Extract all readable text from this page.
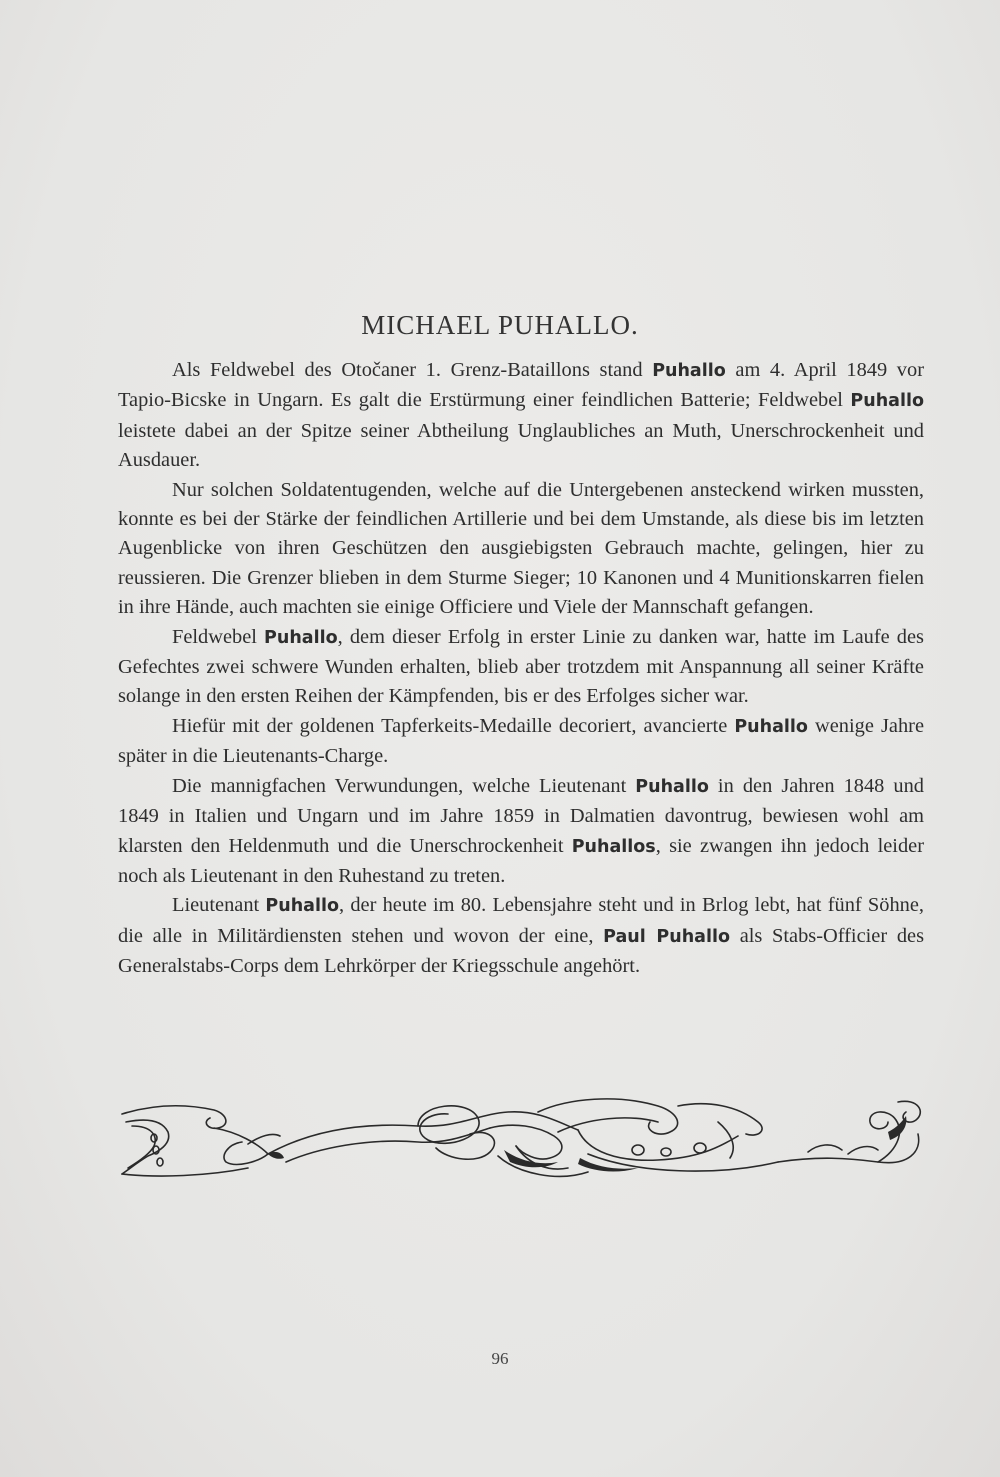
MICHAEL PUHALLO.

Als Feldwebel des Otočaner 1. Grenz-Bataillons stand Puhallo am 4. April 1849 vor Tapio-Bicske in Ungarn. Es galt die Erstürmung einer feindlichen Batterie; Feldwebel Puhallo leistete dabei an der Spitze seiner Abtheilung Unglaubliches an Muth, Unerschrockenheit und Ausdauer.

Nur solchen Soldatentugenden, welche auf die Untergebenen ansteckend wirken mussten, konnte es bei der Stärke der feindlichen Artillerie und bei dem Umstande, als diese bis im letzten Augenblicke von ihren Geschützen den ausgiebigsten Gebrauch machte, gelingen, hier zu reussieren. Die Grenzer blieben in dem Sturme Sieger; 10 Kanonen und 4 Munitionskarren fielen in ihre Hände, auch machten sie einige Officiere und Viele der Mannschaft gefangen.

Feldwebel Puhallo, dem dieser Erfolg in erster Linie zu danken war, hatte im Laufe des Gefechtes zwei schwere Wunden erhalten, blieb aber trotzdem mit Anspannung all seiner Kräfte solange in den ersten Reihen der Kämpfenden, bis er des Erfolges sicher war.

Hiefür mit der goldenen Tapferkeits-Medaille decoriert, avancierte Puhallo wenige Jahre später in die Lieutenants-Charge.

Die mannigfachen Verwundungen, welche Lieutenant Puhallo in den Jahren 1848 und 1849 in Italien und Ungarn und im Jahre 1859 in Dalmatien davontrug, bewiesen wohl am klarsten den Heldenmuth und die Unerschrockenheit Puhallos, sie zwangen ihn jedoch leider noch als Lieutenant in den Ruhestand zu treten.

Lieutenant Puhallo, der heute im 80. Lebensjahre steht und in Brlog lebt, hat fünf Söhne, die alle in Militärdiensten stehen und wovon der eine, Paul Puhallo als Stabs-Officier des Generalstabs-Corps dem Lehrkörper der Kriegsschule angehört.

96
